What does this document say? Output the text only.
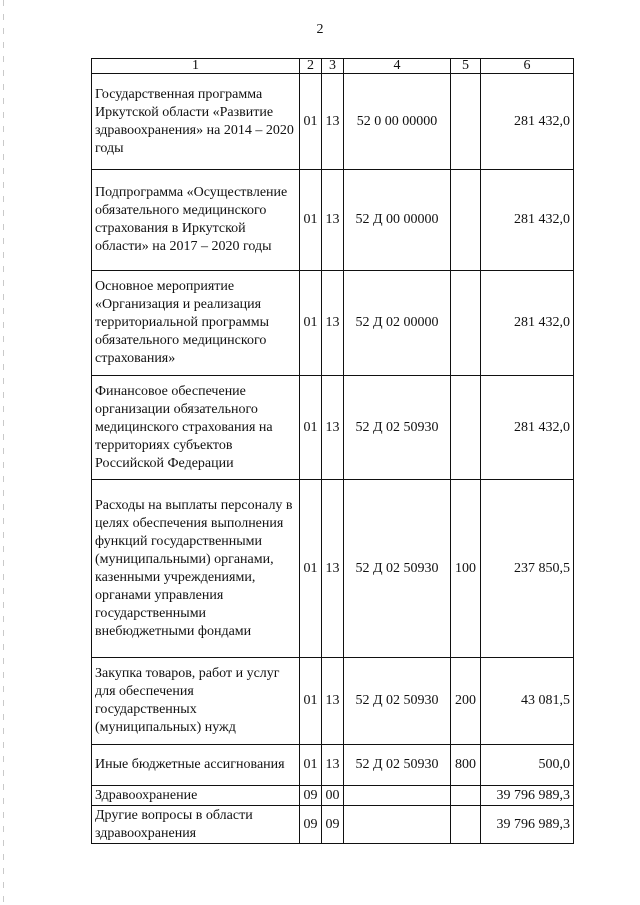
2
1	2	3	4	5	6
Государственная программа Иркутской области «Развитие здравоохранения» на 2014 – 2020 годы	01	13	52 0 00 00000		281 432,0
Подпрограмма «Осуществление обязательного медицинского страхования в Иркутской области» на 2017 – 2020 годы	01	13	52 Д 00 00000		281 432,0
Основное мероприятие «Организация и реализация территориальной программы обязательного медицинского страхования»	01	13	52 Д 02 00000		281 432,0
Финансовое обеспечение организации обязательного медицинского страхования на территориях субъектов Российской Федерации	01	13	52 Д 02 50930		281 432,0
Расходы на выплаты персоналу в целях обеспечения выполнения функций государственными (муниципальными) органами, казенными учреждениями, органами управления государственными внебюджетными фондами	01	13	52 Д 02 50930	100	237 850,5
Закупка товаров, работ и услуг для обеспечения государственных (муниципальных) нужд	01	13	52 Д 02 50930	200	43 081,5
Иные бюджетные ассигнования	01	13	52 Д 02 50930	800	500,0
Здравоохранение	09	00			39 796 989,3
Другие вопросы в области здравоохранения	09	09			39 796 989,3
